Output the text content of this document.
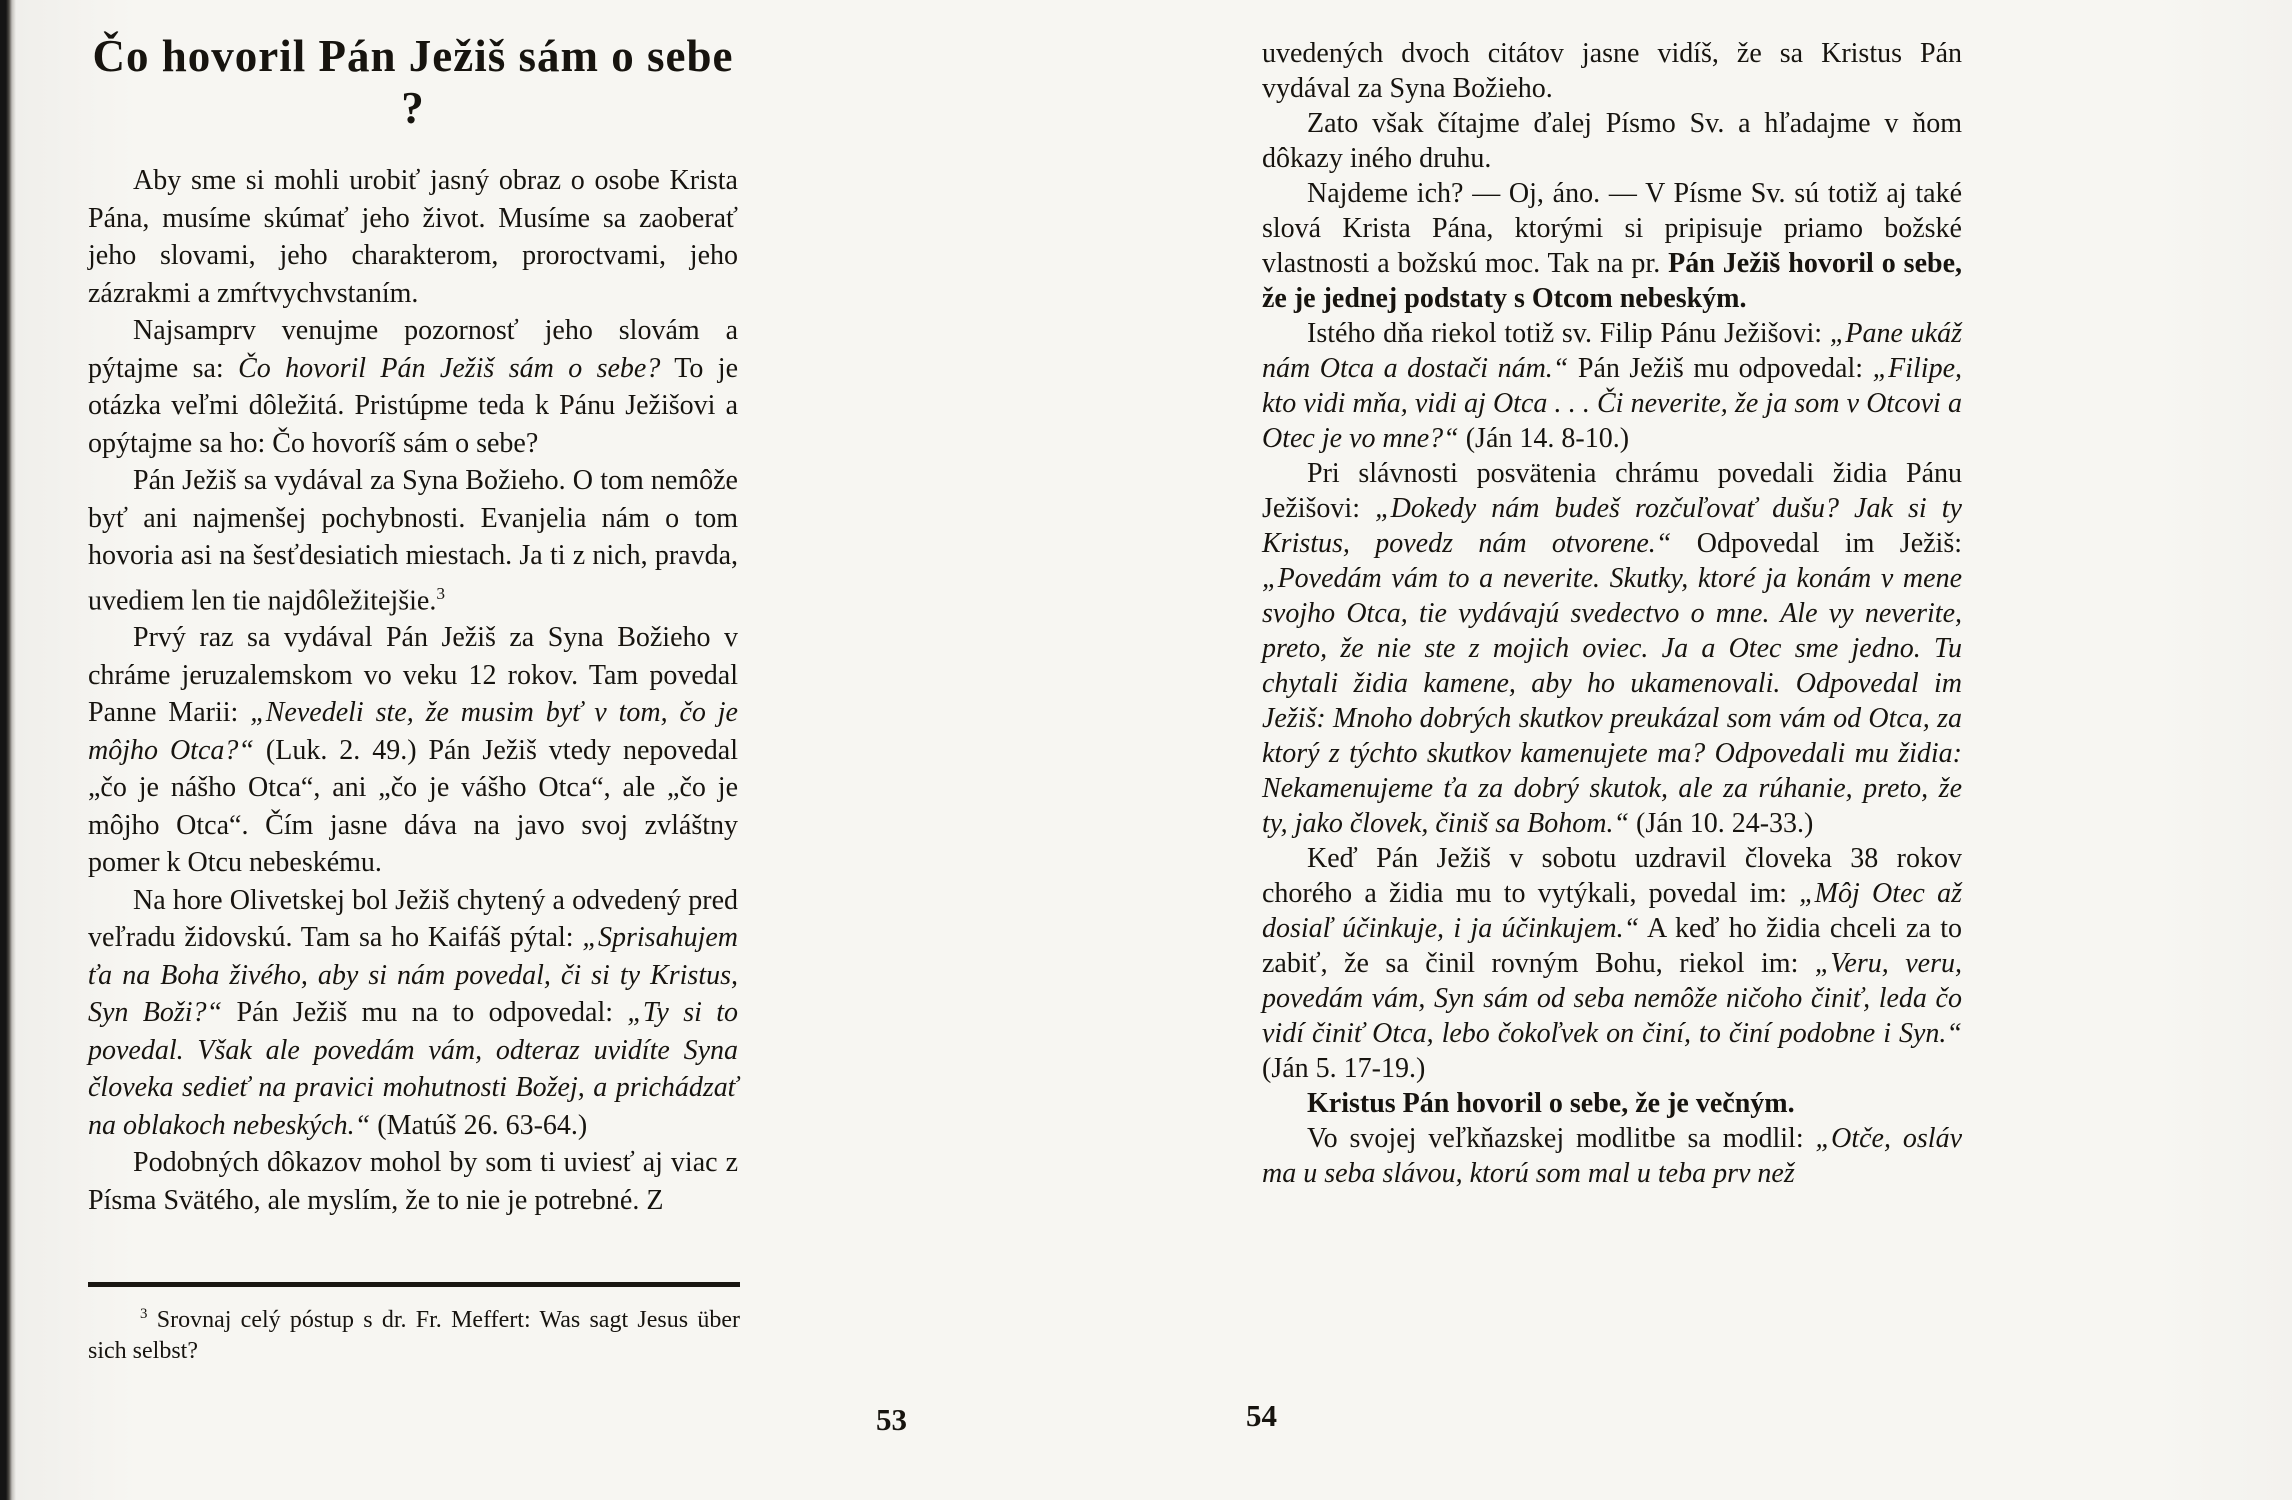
Čo hovoril Pán Ježiš sám o sebe ?

Aby sme si mohli urobiť jasný obraz o osobe Krista Pána, musíme skúmať jeho život. Musíme sa zaoberať jeho slovami, jeho charakterom, proroctvami, jeho zázrakmi a zmŕtvychvstaním.

Najsamprv venujme pozornosť jeho slovám a pýtajme sa: Čo hovoril Pán Ježiš sám o sebe? To je otázka veľmi dôležitá. Pristúpme teda k Pánu Ježišovi a opýtajme sa ho: Čo hovoríš sám o sebe?

Pán Ježiš sa vydával za Syna Božieho. O tom nemôže byť ani najmenšej pochybnosti. Evanjelia nám o tom hovoria asi na šesťdesiatich miestach. Ja ti z nich, pravda, uvediem len tie najdôležitejšie.$^3$

Prvý raz sa vydával Pán Ježiš za Syna Božieho v chráme jeruzalemskom vo veku 12 rokov. Tam povedal Panne Marii: „Nevedeli ste, že musim byť v tom, čo je môjho Otca?“ (Luk. 2. 49.) Pán Ježiš vtedy nepovedal „čo je nášho Otca“, ani „čo je vášho Otca“, ale „čo je môjho Otca“. Čím jasne dáva na javo svoj zvláštny pomer k Otcu nebeskému.

Na hore Olivetskej bol Ježiš chytený a odvedený pred veľradu židovskú. Tam sa ho Kaifáš pýtal: „Sprisahujem ťa na Boha živého, aby si nám povedal, či si ty Kristus, Syn Boži?“ Pán Ježiš mu na to odpovedal: „Ty si to povedal. Však ale povedám vám, odteraz uvidíte Syna človeka sedieť na pravici mohutnosti Božej, a prichádzať na oblakoch nebeských.“ (Matúš 26. 63-64.)

Podobných dôkazov mohol by som ti uviesť aj viac z Písma Svätého, ale myslím, že to nie je potrebné. Z

$^3$ Srovnaj celý póstup s dr. Fr. Meffert: Was sagt Jesus über sich selbst?

uvedených dvoch citátov jasne vidíš, že sa Kristus Pán vydával za Syna Božieho.

Zato však čítajme ďalej Písmo Sv. a hľadajme v ňom dôkazy iného druhu.

Najdeme ich? — Oj, áno. — V Písme Sv. sú totiž aj také slová Krista Pána, ktorými si pripisuje priamo božské vlastnosti a božskú moc. Tak na pr. Pán Ježiš hovoril o sebe, že je jednej podstaty s Otcom nebeským.

Istého dňa riekol totiž sv. Filip Pánu Ježišovi: „Pane ukáž nám Otca a dostači nám.“ Pán Ježiš mu odpovedal: „Filipe, kto vidi mňa, vidi aj Otca . . . Či neverite, že ja som v Otcovi a Otec je vo mne?“ (Ján 14. 8-10.)

Pri slávnosti posvätenia chrámu povedali židia Pánu Ježišovi: „Dokedy nám budeš rozčuľovať dušu? Jak si ty Kristus, povedz nám otvorene.“ Odpovedal im Ježiš: „Povedám vám to a neverite. Skutky, ktoré ja konám v mene svojho Otca, tie vydávajú svedectvo o mne. Ale vy neverite, preto, že nie ste z mojich oviec. Ja a Otec sme jedno. Tu chytali židia kamene, aby ho ukamenovali. Odpovedal im Ježiš: Mnoho dobrých skutkov preukázal som vám od Otca, za ktorý z týchto skutkov kamenujete ma? Odpovedali mu židia: Nekamenujeme ťa za dobrý skutok, ale za rúhanie, preto, že ty, jako človek, činiš sa Bohom.“ (Ján 10. 24-33.)

Keď Pán Ježiš v sobotu uzdravil človeka 38 rokov chorého a židia mu to vytýkali, povedal im: „Môj Otec až dosiaľ účinkuje, i ja účinkujem.“ A keď ho židia chceli za to zabiť, že sa činil rovným Bohu, riekol im: „Veru, veru, povedám vám, Syn sám od seba nemôže ničoho činiť, leda čo vidí činiť Otca, lebo čokoľvek on činí, to činí podobne i Syn.“ (Ján 5. 17-19.)

Kristus Pán hovoril o sebe, že je večným.

Vo svojej veľkňazskej modlitbe sa modlil: „Otče, osláv ma u seba slávou, ktorú som mal u teba prv než

53	54
